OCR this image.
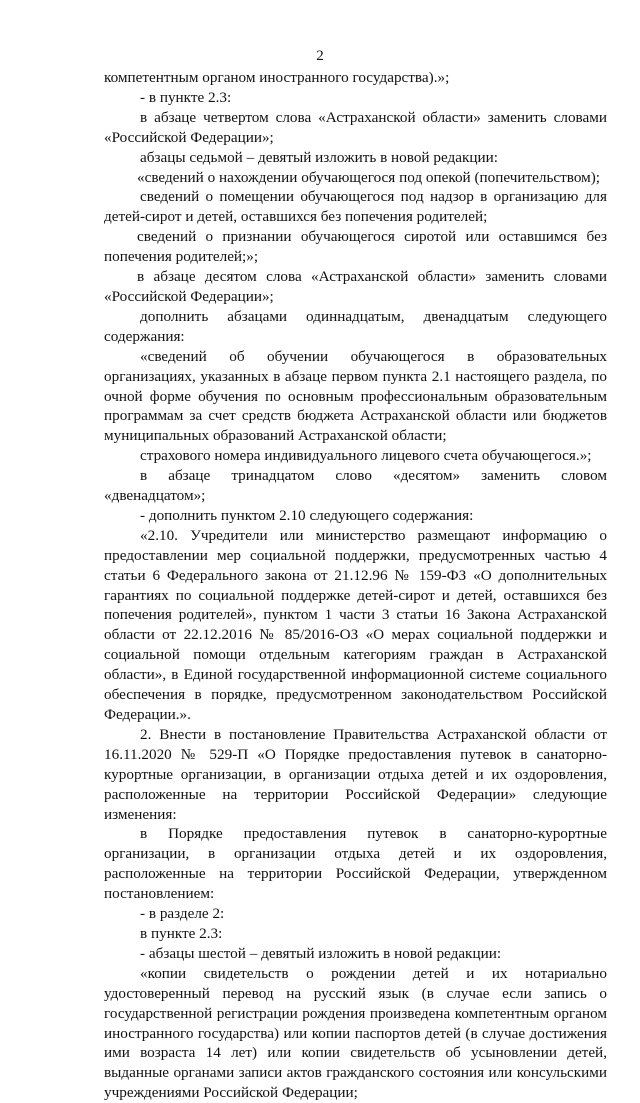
2

компетентным органом иностранного государства).»;

- в пункте 2.3:

в абзаце четвертом слова «Астраханской области» заменить словами «Российской Федерации»;

абзацы седьмой – девятый изложить в новой редакции:

«сведений о нахождении обучающегося под опекой (попечительством);

сведений о помещении обучающегося под надзор в организацию для детей-сирот и детей, оставшихся без попечения родителей;

сведений о признании обучающегося сиротой или оставшимся без попечения родителей;»;

в абзаце десятом слова «Астраханской области» заменить словами «Российской Федерации»;

дополнить абзацами одиннадцатым, двенадцатым следующего содержания:

«сведений об обучении обучающегося в образовательных организациях, указанных в абзаце первом пункта 2.1 настоящего раздела, по очной форме обучения по основным профессиональным образовательным программам за счет средств бюджета Астраханской области или бюджетов муниципальных образований Астраханской области;

страхового номера индивидуального лицевого счета обучающегося.»;

в абзаце тринадцатом слово «десятом» заменить словом «двенадцатом»;

- дополнить пунктом 2.10 следующего содержания:

«2.10. Учредители или министерство размещают информацию о предоставлении мер социальной поддержки, предусмотренных частью 4 статьи 6 Федерального закона от 21.12.96 № 159-ФЗ «О дополнительных гарантиях по социальной поддержке детей-сирот и детей, оставшихся без попечения родителей», пунктом 1 части 3 статьи 16 Закона Астраханской области от 22.12.2016 № 85/2016-ОЗ «О мерах социальной поддержки и социальной помощи отдельным категориям граждан в Астраханской области», в Единой государственной информационной системе социального обеспечения в порядке, предусмотренном законодательством Российской Федерации.».

2. Внести в постановление Правительства Астраханской области от 16.11.2020 № 529-П «О Порядке предоставления путевок в санаторно-курортные организации, в организации отдыха детей и их оздоровления, расположенные на территории Российской Федерации» следующие изменения:

в Порядке предоставления путевок в санаторно-курортные организации, в организации отдыха детей и их оздоровления, расположенные на территории Российской Федерации, утвержденном постановлением:

- в разделе 2:

в пункте 2.3:

- абзацы шестой – девятый изложить в новой редакции:

«копии свидетельств о рождении детей и их нотариально удостоверенный перевод на русский язык (в случае если запись о государственной регистрации рождения произведена компетентным органом иностранного государства) или копии паспортов детей (в случае достижения ими возраста 14 лет) или копии свидетельств об усыновлении детей, выданные органами записи актов гражданского состояния или консульскими учреждениями Российской Федерации;
